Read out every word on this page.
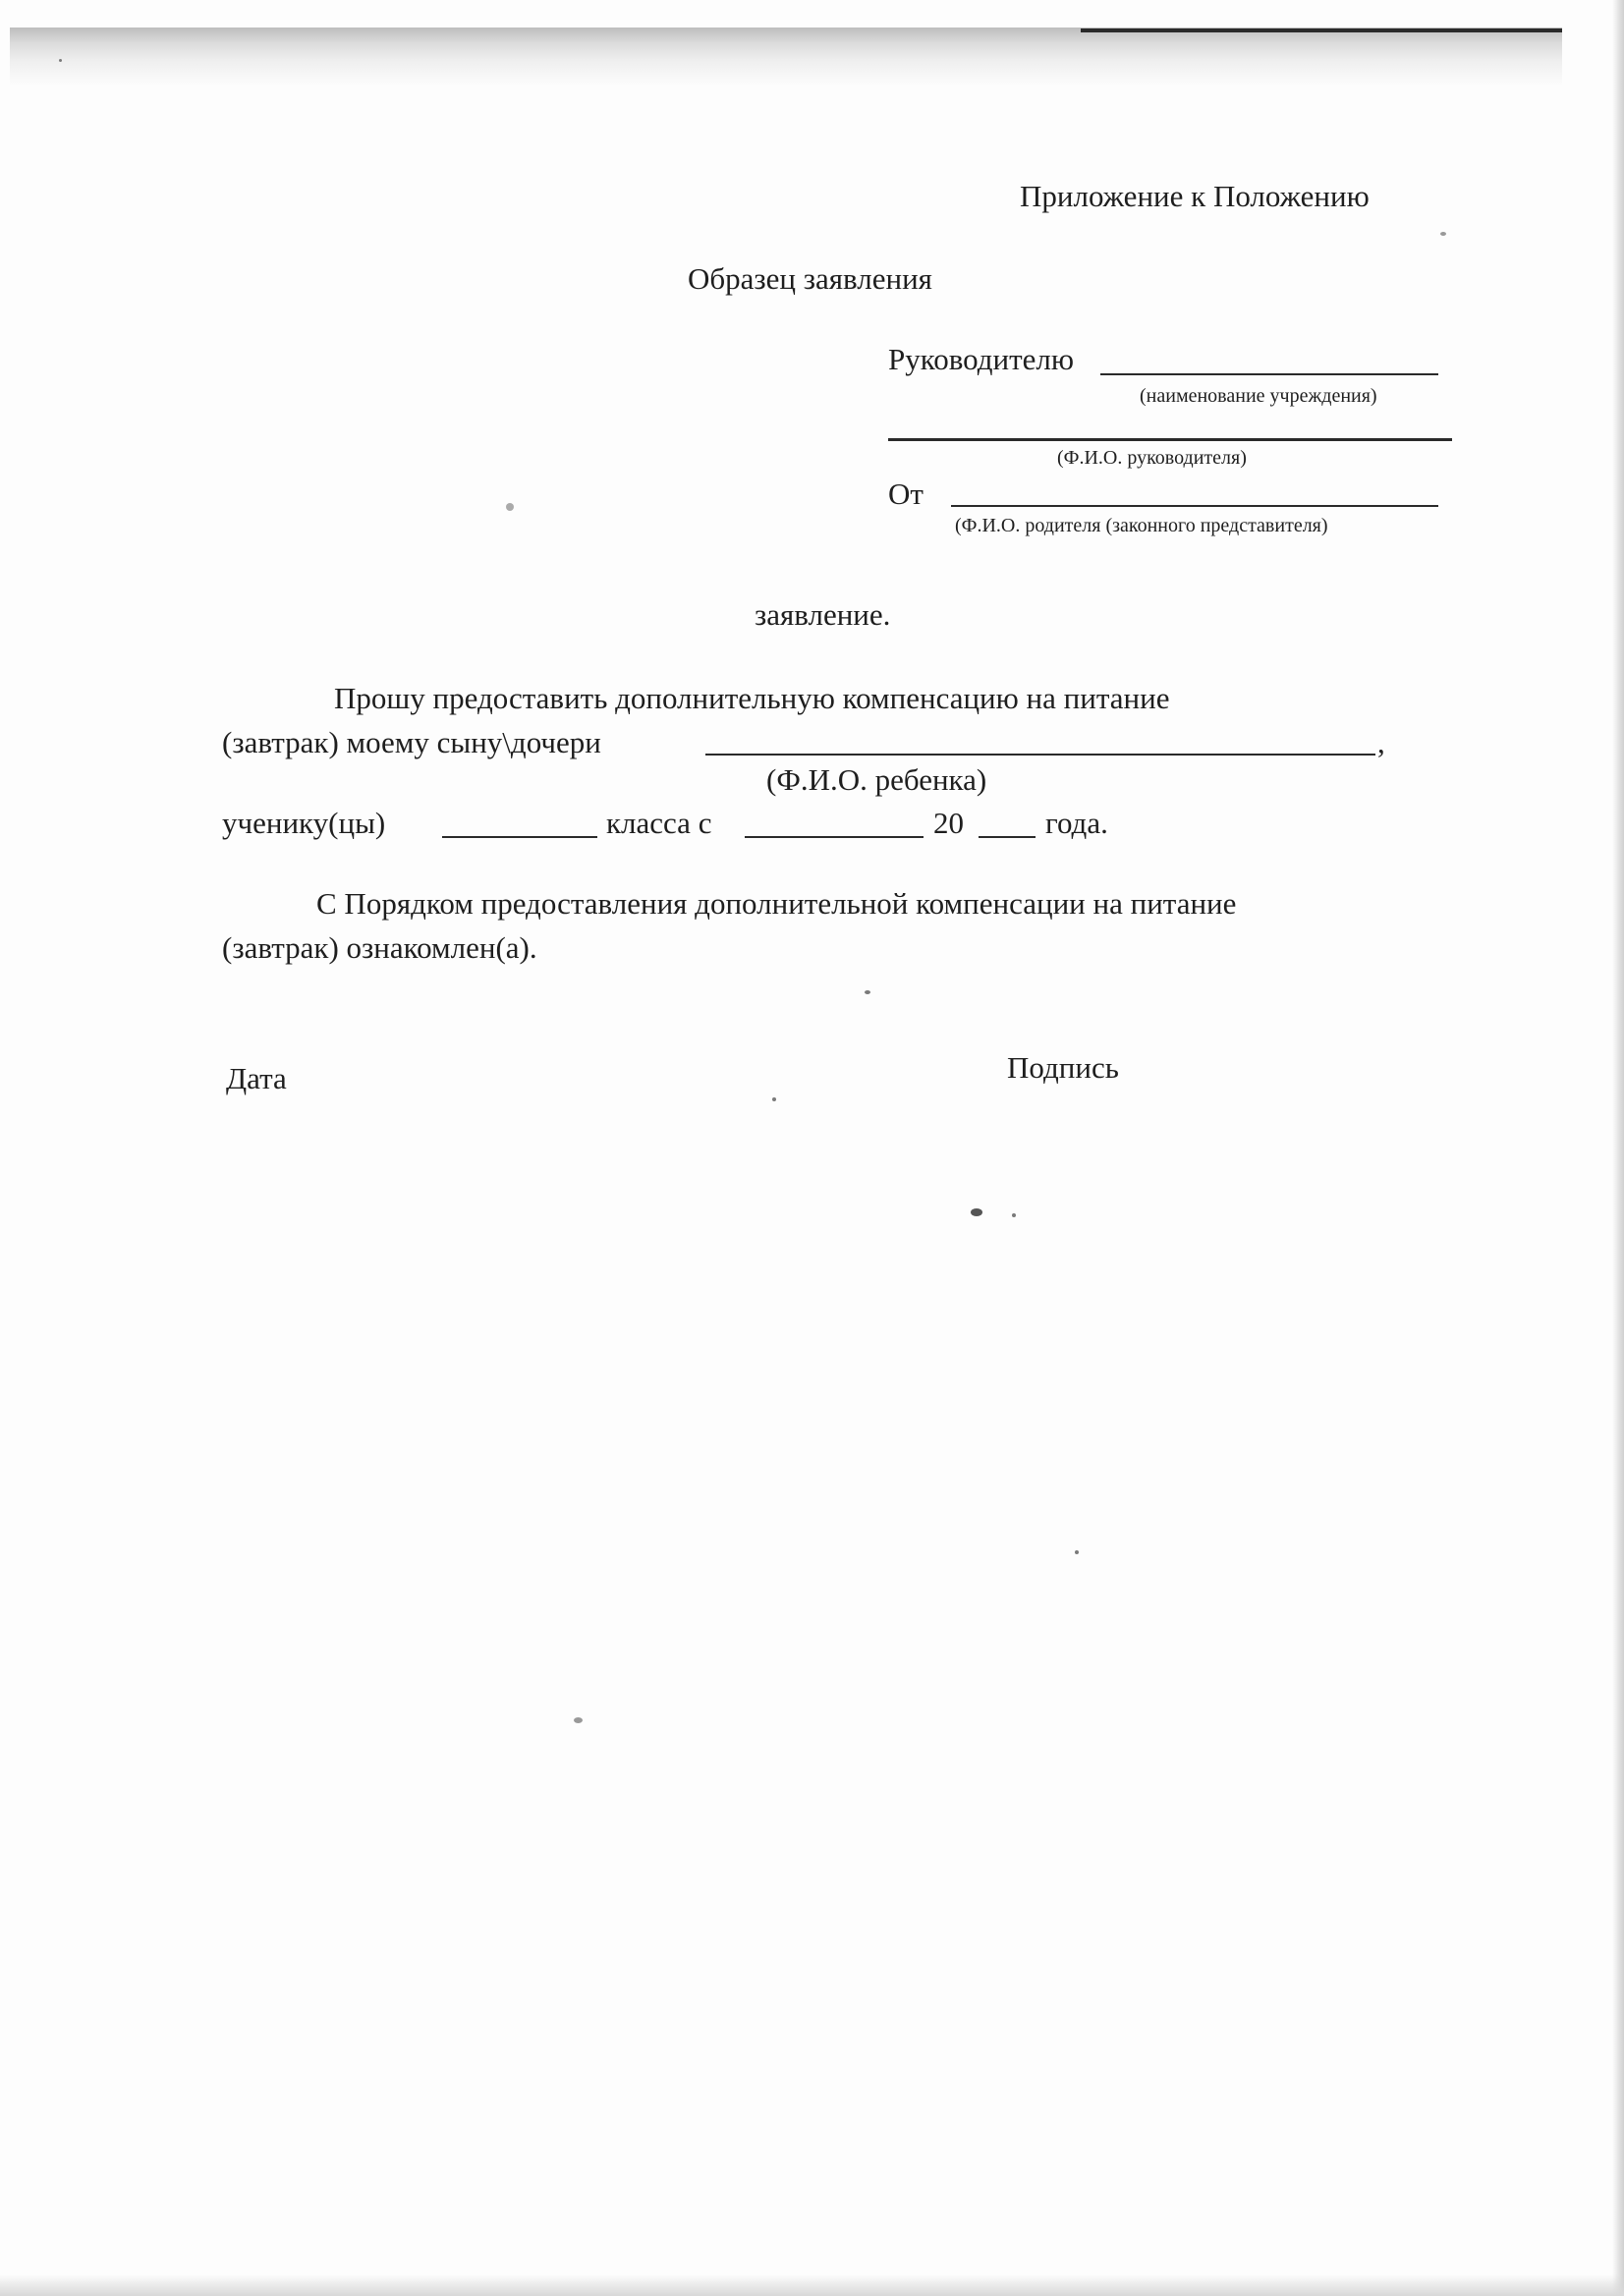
Приложение к Положению
Образец заявления
Руководителю
(наименование учреждения)
(Ф.И.О. руководителя)
От
(Ф.И.О. родителя (законного представителя)
заявление.
Прошу предоставить дополнительную компенсацию на питание
(завтрак) моему сыну\дочери	,
(Ф.И.О. ребенка)
ученику(цы)	класса с	20	года.
С Порядком предоставления дополнительной компенсации на питание
(завтрак) ознакомлен(а).
Дата	Подпись
